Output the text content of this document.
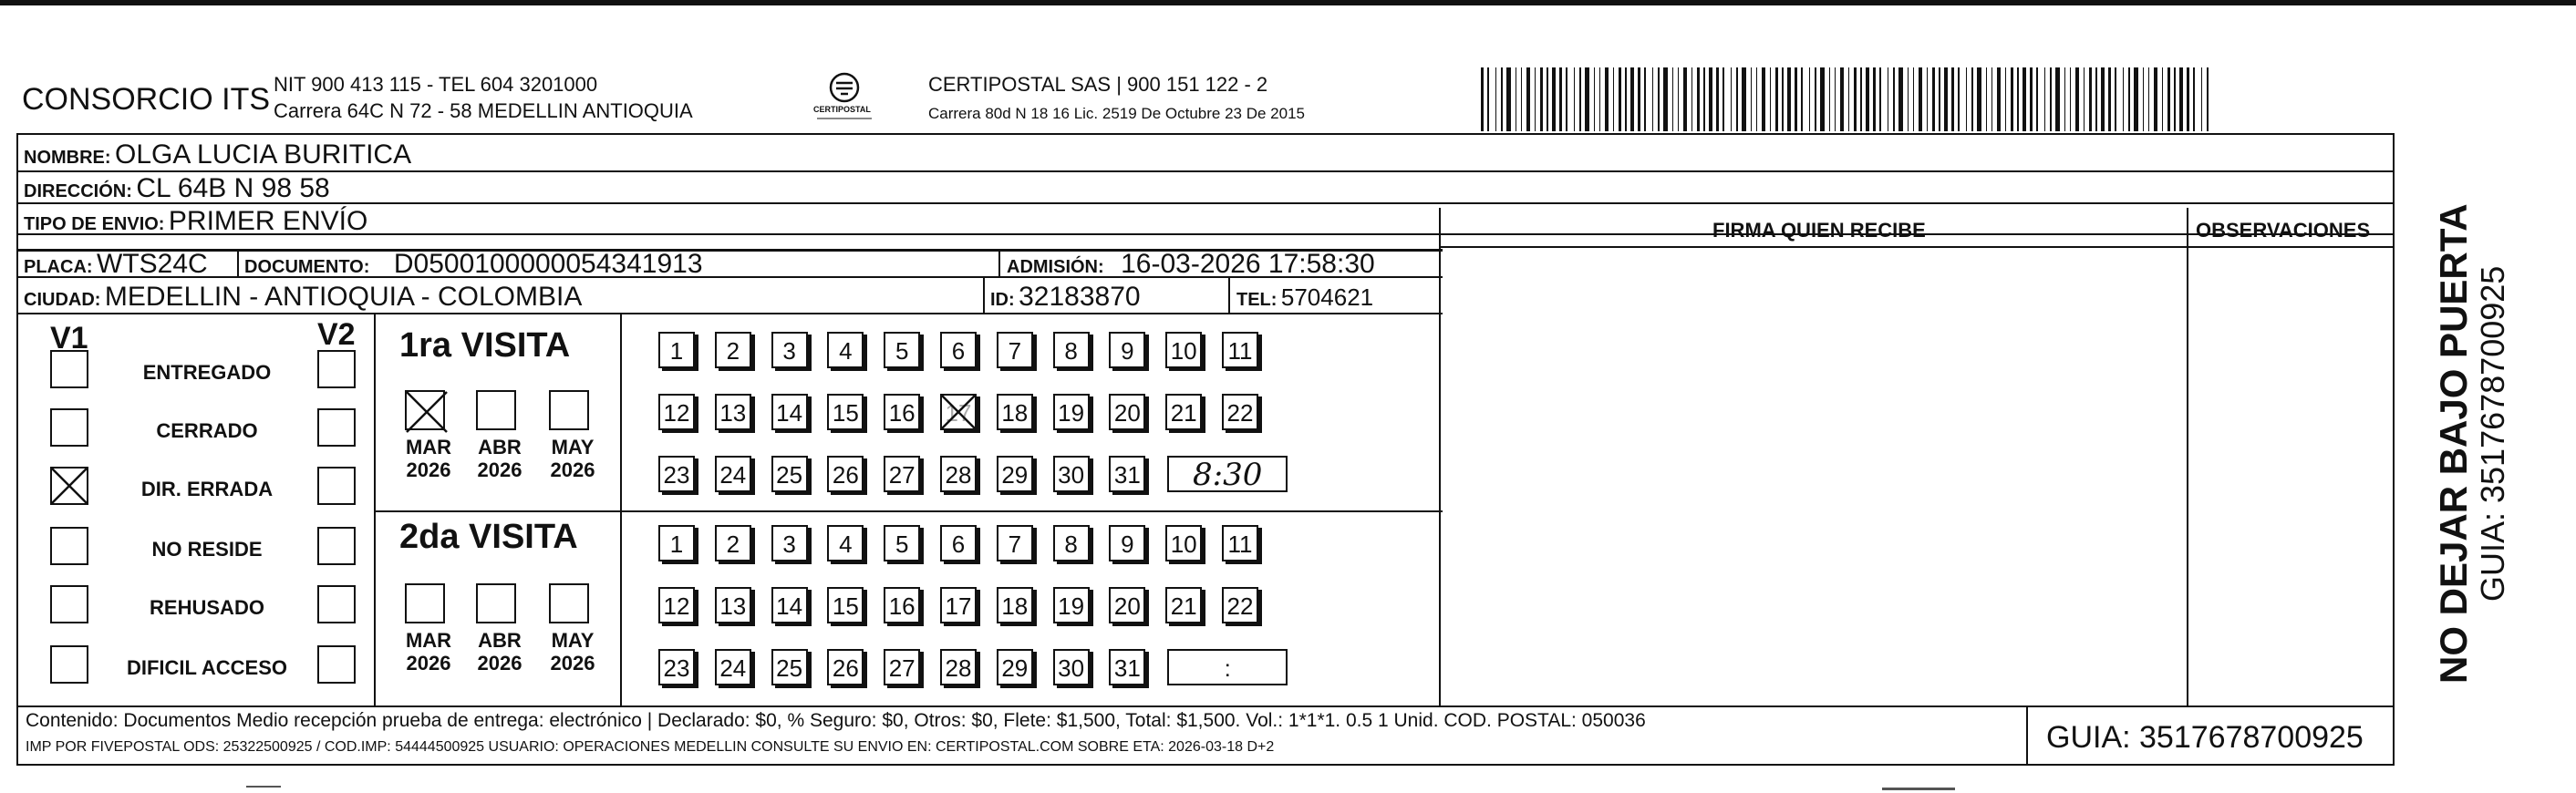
CONSORCIO ITS NIT 900 413 115 - TEL 604 3201000
Carrera 64C N 72 - 58 MEDELLIN ANTIOQUIA	CERTIPOSTAL
CERTIPOSTAL SAS | 900 151 122 - 2
Carrera 80d N 18 16 Lic. 2519 De Octubre 23 De 2015
NOMBRE: OLGA LUCIA BURITICA
DIRECCIÓN: CL 64B N 98 58
TIPO DE ENVIO: PRIMER ENVÍO
PLACA: WTS24C DOCUMENTO: D0500100000054341913	ADMISIÓN: 16-03-2026 17:58:30
CIUDAD: MEDELLIN - ANTIOQUIA - COLOMBIA	ID: 32183870	TEL: 5704621
FIRMA QUIEN RECIBE	OBSERVACIONES
V1	V2
ENTREGADO
CERRADO
DIR. ERRADA
NO RESIDE
REHUSADO
DIFICIL ACCESO
1ra VISITA
2da VISITA
MAR
2026
ABR
2026
MAY
2026
MAR
2026
ABR
2026
MAY
2026
1	2	3	4	5	6	7	8	9	10 11
12 13 14 15 16 17 18 19 20 21 22
23 24 25 26 27 28 29 30 31	8:30
1	2	3	4	5	6	7	8	9	10 11
12 13 14 15 16 17 18 19 20 21 22
23 24 25 26 27 28 29 30 31	:
Contenido: Documentos Medio recepción prueba de entrega: electrónico | Declarado: $0, % Seguro: $0, Otros: $0, Flete: $1,500, Total: $1,500. Vol.: 1*1*1. 0.5 1 Unid. COD. POSTAL: 050036
IMP POR FIVEPOSTAL ODS: 25322500925 / COD.IMP: 54444500925 USUARIO: OPERACIONES MEDELLIN CONSULTE SU ENVIO EN: CERTIPOSTAL.COM SOBRE ETA: 2026-03-18 D+2	GUIA: 3517678700925
NO DEJAR BAJO PUERTA GUIA: 3517678700925
